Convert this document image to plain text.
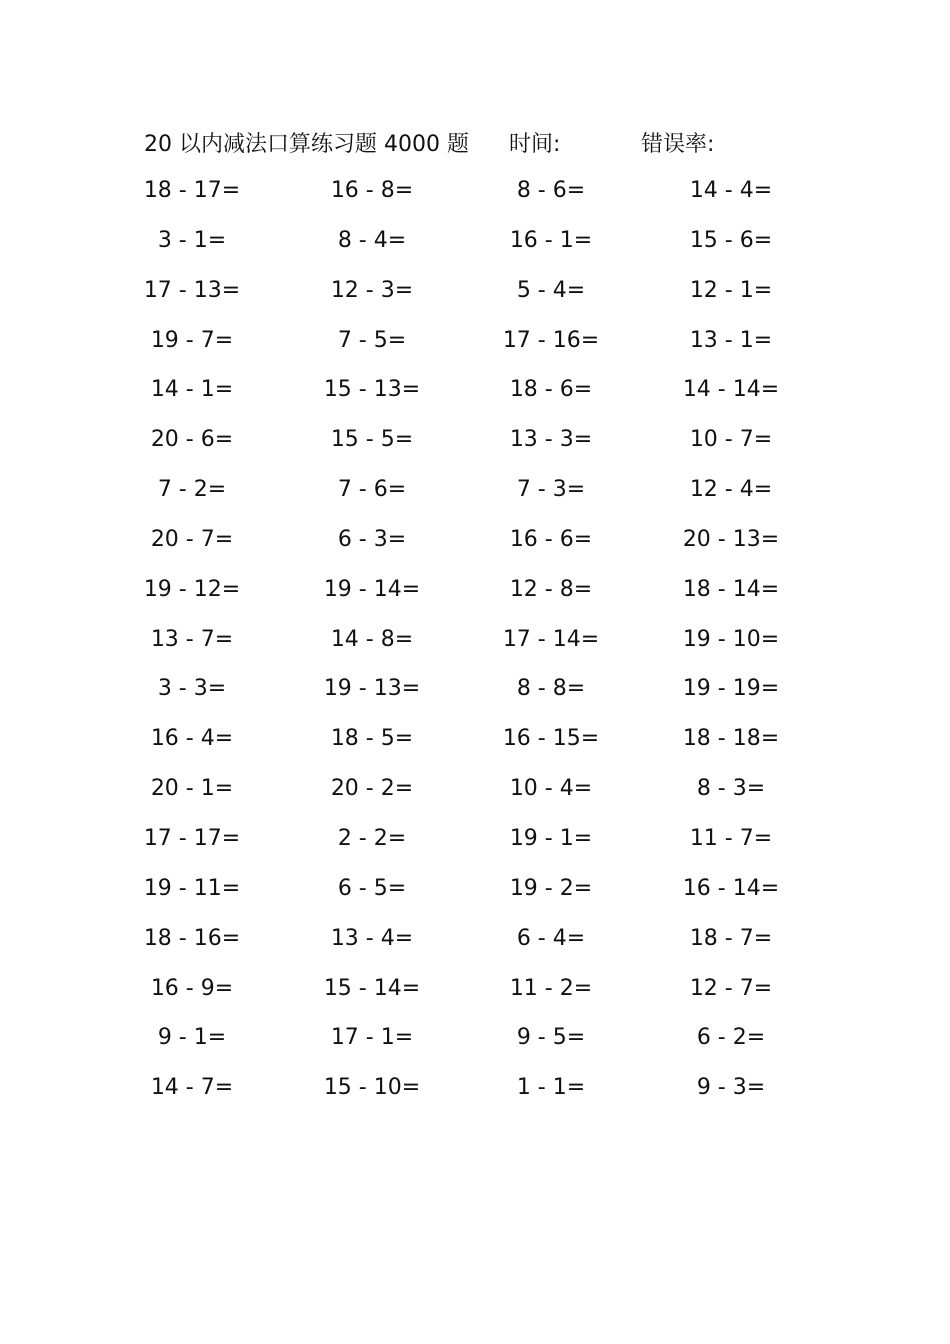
20 以内减法口算练习题 4000 题 时间:	错误率:
18 - 17=	16 - 8=	8 - 6=	14 - 4=
3 - 1=	8 - 4=	16 - 1=	15 - 6=
17 - 13=	12 - 3=	5 - 4=	12 - 1=
19 - 7=	7 - 5=	17 - 16=	13 - 1=
14 - 1=	15 - 13=	18 - 6=	14 - 14=
20 - 6=	15 - 5=	13 - 3=	10 - 7=
7 - 2=	7 - 6=	7 - 3=	12 - 4=
20 - 7=	6 - 3=	16 - 6=	20 - 13=
19 - 12=	19 - 14=	12 - 8=	18 - 14=
13 - 7=	14 - 8=	17 - 14=	19 - 10=
3 - 3=	19 - 13=	8 - 8=	19 - 19=
16 - 4=	18 - 5=	16 - 15=	18 - 18=
20 - 1=	20 - 2=	10 - 4=	8 - 3=
17 - 17=	2 - 2=	19 - 1=	11 - 7=
19 - 11=	6 - 5=	19 - 2=	16 - 14=
18 - 16=	13 - 4=	6 - 4=	18 - 7=
16 - 9=	15 - 14=	11 - 2=	12 - 7=
9 - 1=	17 - 1=	9 - 5=	6 - 2=
14 - 7=	15 - 10=	1 - 1=	9 - 3=
